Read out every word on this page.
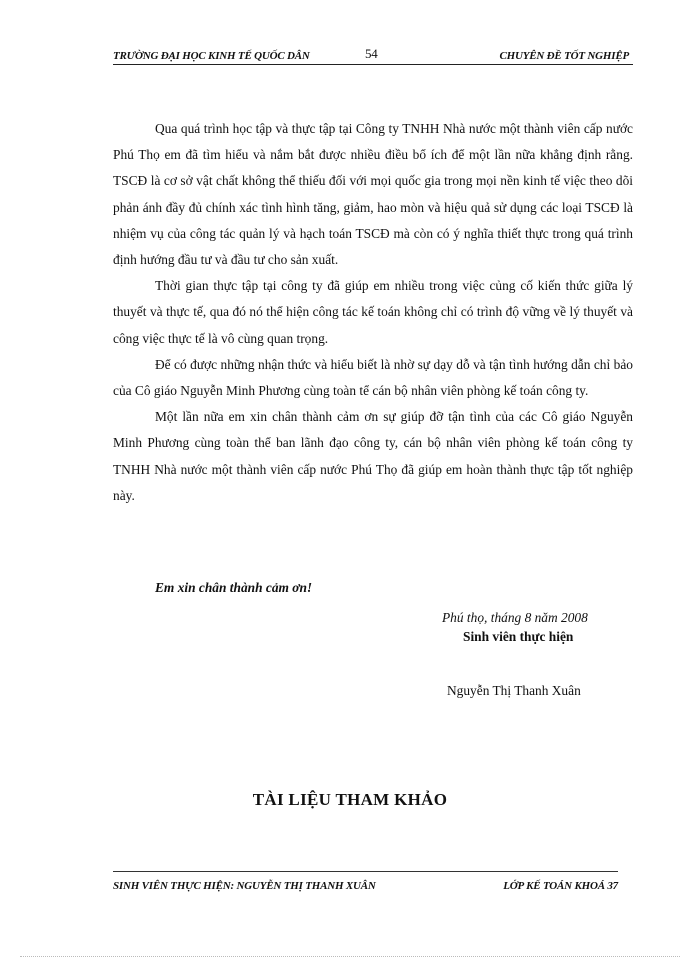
TRƯỜNG ĐẠI HỌC KINH TẾ QUỐC DÂN	54	CHUYÊN ĐỀ TỐT NGHIỆP

Qua quá trình học tập và thực tập tại Công ty TNHH Nhà nước một thành viên cấp nước Phú Thọ em đã tìm hiểu và nắm bắt được nhiều điều bổ ích để một lần nữa khẳng định rằng. TSCĐ là cơ sở vật chất không thể thiếu đối với mọi quốc gia trong mọi nền kinh tế việc theo dõi phản ánh đầy đủ chính xác tình hình tăng, giảm, hao mòn và hiệu quả sử dụng các loại TSCĐ là nhiệm vụ của công tác quản lý và hạch toán TSCĐ mà còn có ý nghĩa thiết thực trong quá trình định hướng đầu tư và đầu tư cho sản xuất.

Thời gian thực tập tại công ty đã giúp em nhiều trong việc củng cố kiến thức giữa lý thuyết và thực tế, qua đó nó thể hiện công tác kế toán không chỉ có trình độ vững về lý thuyết và công việc thực tế là vô cùng quan trọng.

Để có được những nhận thức và hiểu biết là nhờ sự dạy dỗ và tận tình hướng dẫn chỉ bảo của Cô giáo Nguyễn Minh Phương cùng toàn tể cán bộ nhân viên phòng kế toán công ty.

Một lần nữa em xin chân thành cảm ơn sự giúp đỡ tận tình của các Cô giáo Nguyễn Minh Phương cùng toàn thể ban lãnh đạo công ty, cán bộ nhân viên phòng kế toán công ty TNHH Nhà nước một thành viên cấp nước Phú Thọ đã giúp em hoàn thành thực tập tốt nghiệp này.

Em xin chân thành cảm ơn!
Phú thọ, tháng 8 năm 2008
Sinh viên thực hiện
Nguyễn Thị Thanh Xuân
TÀI LIỆU THAM KHẢO
SINH VIÊN THỰC HIỆN: NGUYỄN THỊ THANH XUÂN	LỚP KẾ TOÁN KHOÁ 37
